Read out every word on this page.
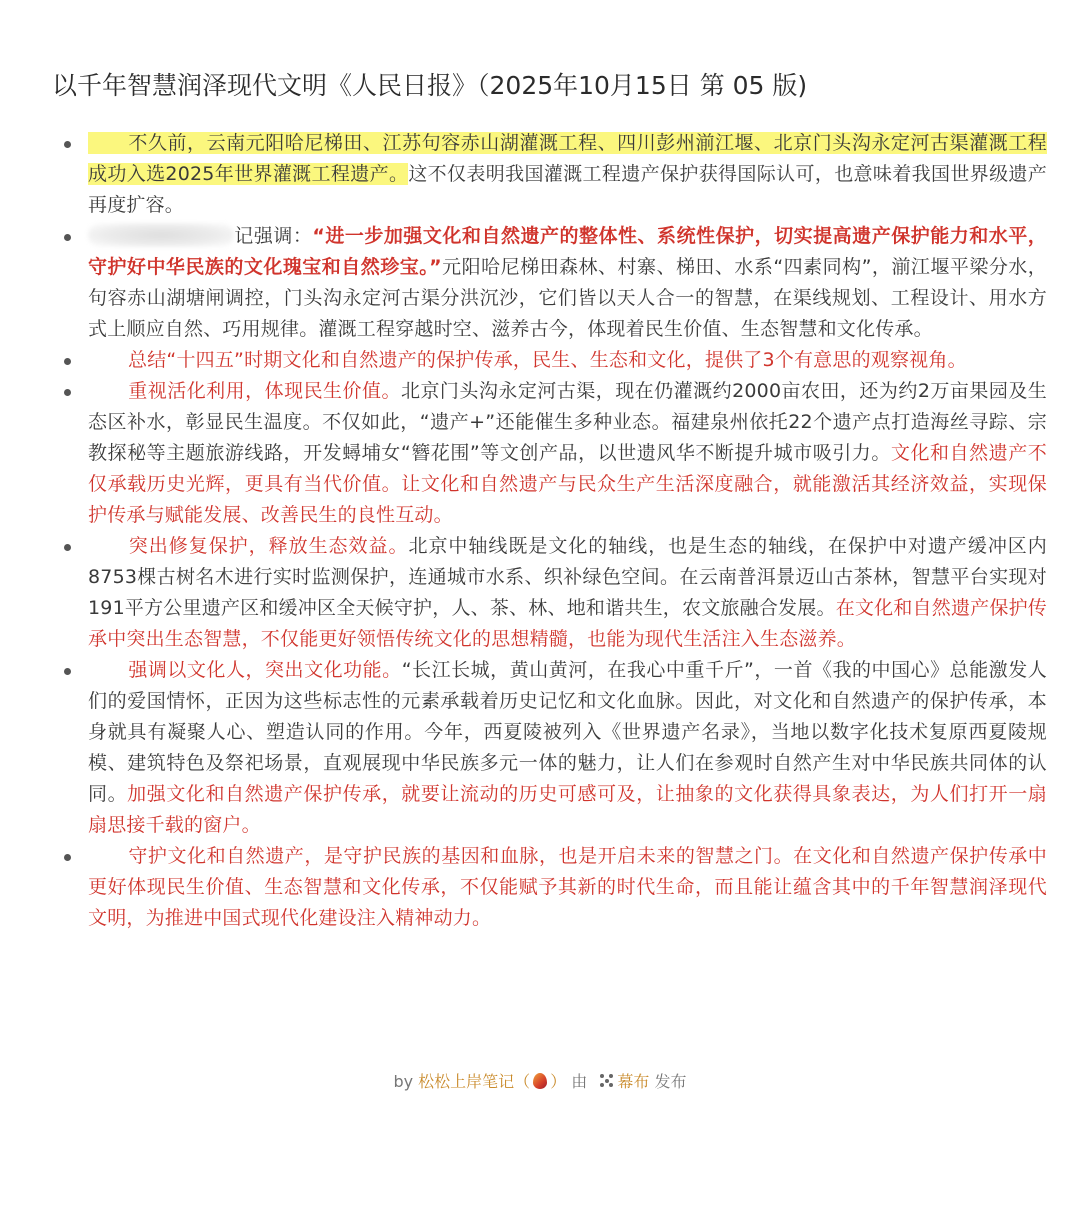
以千年智慧润泽现代文明《人民日报》（2025年10月15日 第 05 版)
不久前，云南元阳哈尼梯田、江苏句容赤山湖灌溉工程、四川彭州湔江堰、北京门头沟永定河古渠灌溉工程成功入选2025年世界灌溉工程遗产。这不仅表明我国灌溉工程遗产保护获得国际认可，也意味着我国世界级遗产再度扩容。
记强调：“进一步加强文化和自然遗产的整体性、系统性保护，切实提高遗产保护能力和水平，守护好中华民族的文化瑰宝和自然珍宝。”元阳哈尼梯田森林、村寨、梯田、水系“四素同构”，湔江堰平梁分水，句容赤山湖塘闸调控，门头沟永定河古渠分洪沉沙，它们皆以天人合一的智慧，在渠线规划、工程设计、用水方式上顺应自然、巧用规律。灌溉工程穿越时空、滋养古今，体现着民生价值、生态智慧和文化传承。
总结“十四五”时期文化和自然遗产的保护传承，民生、生态和文化，提供了3个有意思的观察视角。
重视活化利用，体现民生价值。北京门头沟永定河古渠，现在仍灌溉约2000亩农田，还为约2万亩果园及生态区补水，彰显民生温度。不仅如此，“遗产+”还能催生多种业态。福建泉州依托22个遗产点打造海丝寻踪、宗教探秘等主题旅游线路，开发蟳埔女“簪花围”等文创产品，以世遗风华不断提升城市吸引力。文化和自然遗产不仅承载历史光辉，更具有当代价值。让文化和自然遗产与民众生产生活深度融合，就能激活其经济效益，实现保护传承与赋能发展、改善民生的良性互动。
突出修复保护，释放生态效益。北京中轴线既是文化的轴线，也是生态的轴线，在保护中对遗产缓冲区内8753棵古树名木进行实时监测保护，连通城市水系、织补绿色空间。在云南普洱景迈山古茶林，智慧平台实现对191平方公里遗产区和缓冲区全天候守护，人、茶、林、地和谐共生，农文旅融合发展。在文化和自然遗产保护传承中突出生态智慧，不仅能更好领悟传统文化的思想精髓，也能为现代生活注入生态滋养。
强调以文化人，突出文化功能。“长江长城，黄山黄河，在我心中重千斤”，一首《我的中国心》总能激发人们的爱国情怀，正因为这些标志性的元素承载着历史记忆和文化血脉。因此，对文化和自然遗产的保护传承，本身就具有凝聚人心、塑造认同的作用。今年，西夏陵被列入《世界遗产名录》，当地以数字化技术复原西夏陵规模、建筑特色及祭祀场景，直观展现中华民族多元一体的魅力，让人们在参观时自然产生对中华民族共同体的认同。加强文化和自然遗产保护传承，就要让流动的历史可感可及，让抽象的文化获得具象表达，为人们打开一扇扇思接千载的窗户。
守护文化和自然遗产，是守护民族的基因和血脉，也是开启未来的智慧之门。在文化和自然遗产保护传承中更好体现民生价值、生态智慧和文化传承，不仅能赋予其新的时代生命，而且能让蕴含其中的千年智慧润泽现代文明，为推进中国式现代化建设注入精神动力。
by 松松上岸笔记（ ） 由 幕布 发布
